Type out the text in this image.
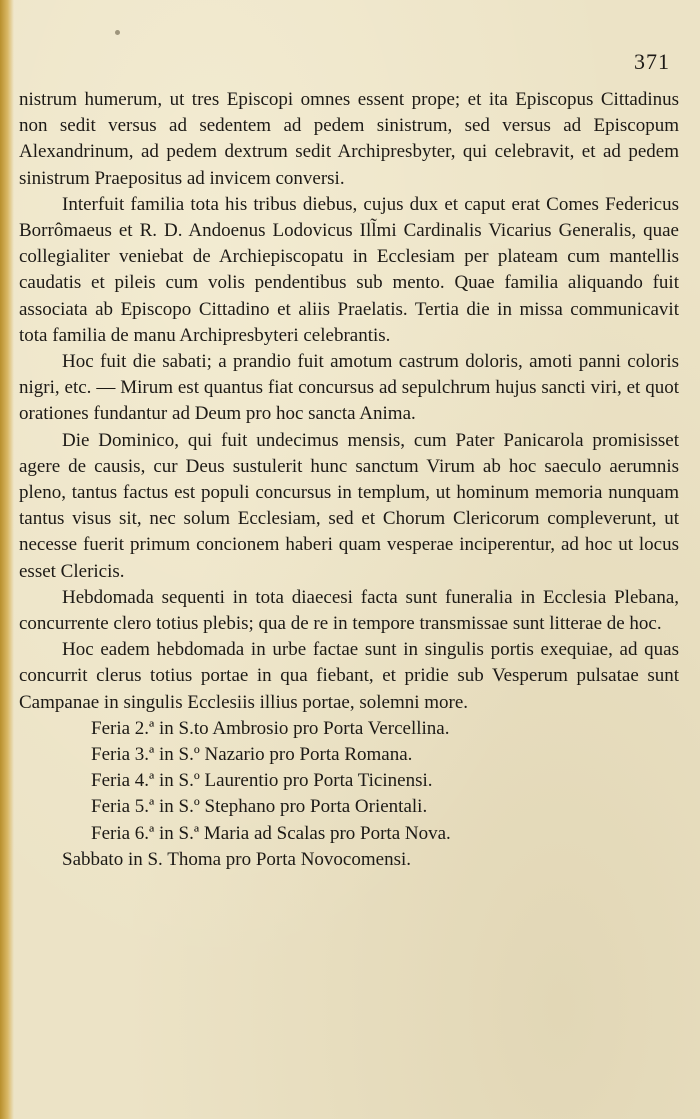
371

nistrum humerum, ut tres Episcopi omnes essent prope; et ita Episcopus Cittadinus non sedit versus ad sedentem ad pedem sinistrum, sed versus ad Episcopum Alexandrinum, ad pedem dextrum sedit Archipresbyter, qui celebravit, et ad pedem sinistrum Praepositus ad invicem conversi.

Interfuit familia tota his tribus diebus, cujus dux et caput erat Comes Federicus Borrômaeus et R. D. Andoenus Lodovicus Ill̃mi Cardinalis Vicarius Generalis, quae collegialiter veniebat de Archiepiscopatu in Ecclesiam per plateam cum mantellis caudatis et pileis cum volis pendentibus sub mento. Quae familia aliquando fuit associata ab Episcopo Cittadino et aliis Praelatis. Tertia die in missa communicavit tota familia de manu Archipresbyteri celebrantis.

Hoc fuit die sabati; a prandio fuit amotum castrum doloris, amoti panni coloris nigri, etc. — Mirum est quantus fiat concursus ad sepulchrum hujus sancti viri, et quot orationes fundantur ad Deum pro hoc sancta Anima.

Die Dominico, qui fuit undecimus mensis, cum Pater Panicarola promisisset agere de causis, cur Deus sustulerit hunc sanctum Virum ab hoc saeculo aerumnis pleno, tantus factus est populi concursus in templum, ut hominum memoria nunquam tantus visus sit, nec solum Ecclesiam, sed et Chorum Clericorum compleverunt, ut necesse fuerit primum concionem haberi quam vesperae inciperentur, ad hoc ut locus esset Clericis.

Hebdomada sequenti in tota diaecesi facta sunt funeralia in Ecclesia Plebana, concurrente clero totius plebis; qua de re in tempore transmissae sunt litterae de hoc.

Hoc eadem hebdomada in urbe factae sunt in singulis portis exequiae, ad quas concurrit clerus totius portae in qua fiebant, et pridie sub Vesperum pulsatae sunt Campanae in singulis Ecclesiis illius portae, solemni more.

Feria 2.ª in S.to Ambrosio pro Porta Vercellina.
Feria 3.ª in S.º Nazario pro Porta Romana.
Feria 4.ª in S.º Laurentio pro Porta Ticinensi.
Feria 5.ª in S.º Stephano pro Porta Orientali.
Feria 6.ª in S.ª Maria ad Scalas pro Porta Nova.
Sabbato in S. Thoma pro Porta Novocomensi.
